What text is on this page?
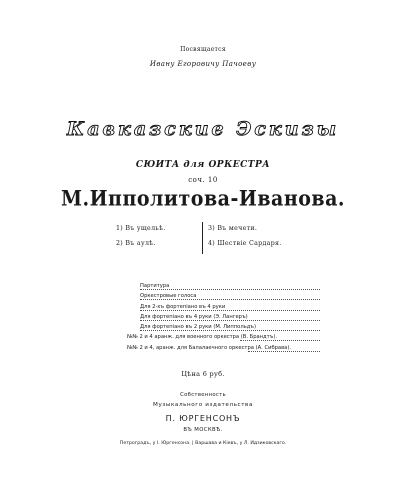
Посвящается
Ивану Егоровичу Пачоеву
Кавказские Эскизы
СЮИТА для ОРКЕСТРА
соч. 10
М.Ипполитова-Иванова.
1) Въ ущельѣ.
2) Въ аулѣ.
3) Въ мечети.
4) Шествіе Сардаря.
Партитура
Оркестровые голоса
Для 2-хъ фортепіано въ 4 руки
Для фортепіано въ 4 руки (Э. Лангеръ)
Для фортепіано въ 2 руки (М. Липпольдъ)
№№ 2 и 4 аранж. для военного оркестра (В. Брандтъ).
№№ 2 и 4, аранж. для Балалаечного оркестра (А. Сибрава).
Цѣна 6 руб.
Собственность
Музыкального издательства
П. ЮРГЕНСОНЪ
ВЪ МОСКВѢ.
Петроградъ, у І. Юргенсона. | Варшава и Кіевъ, у Л. Идзиковскаго.
